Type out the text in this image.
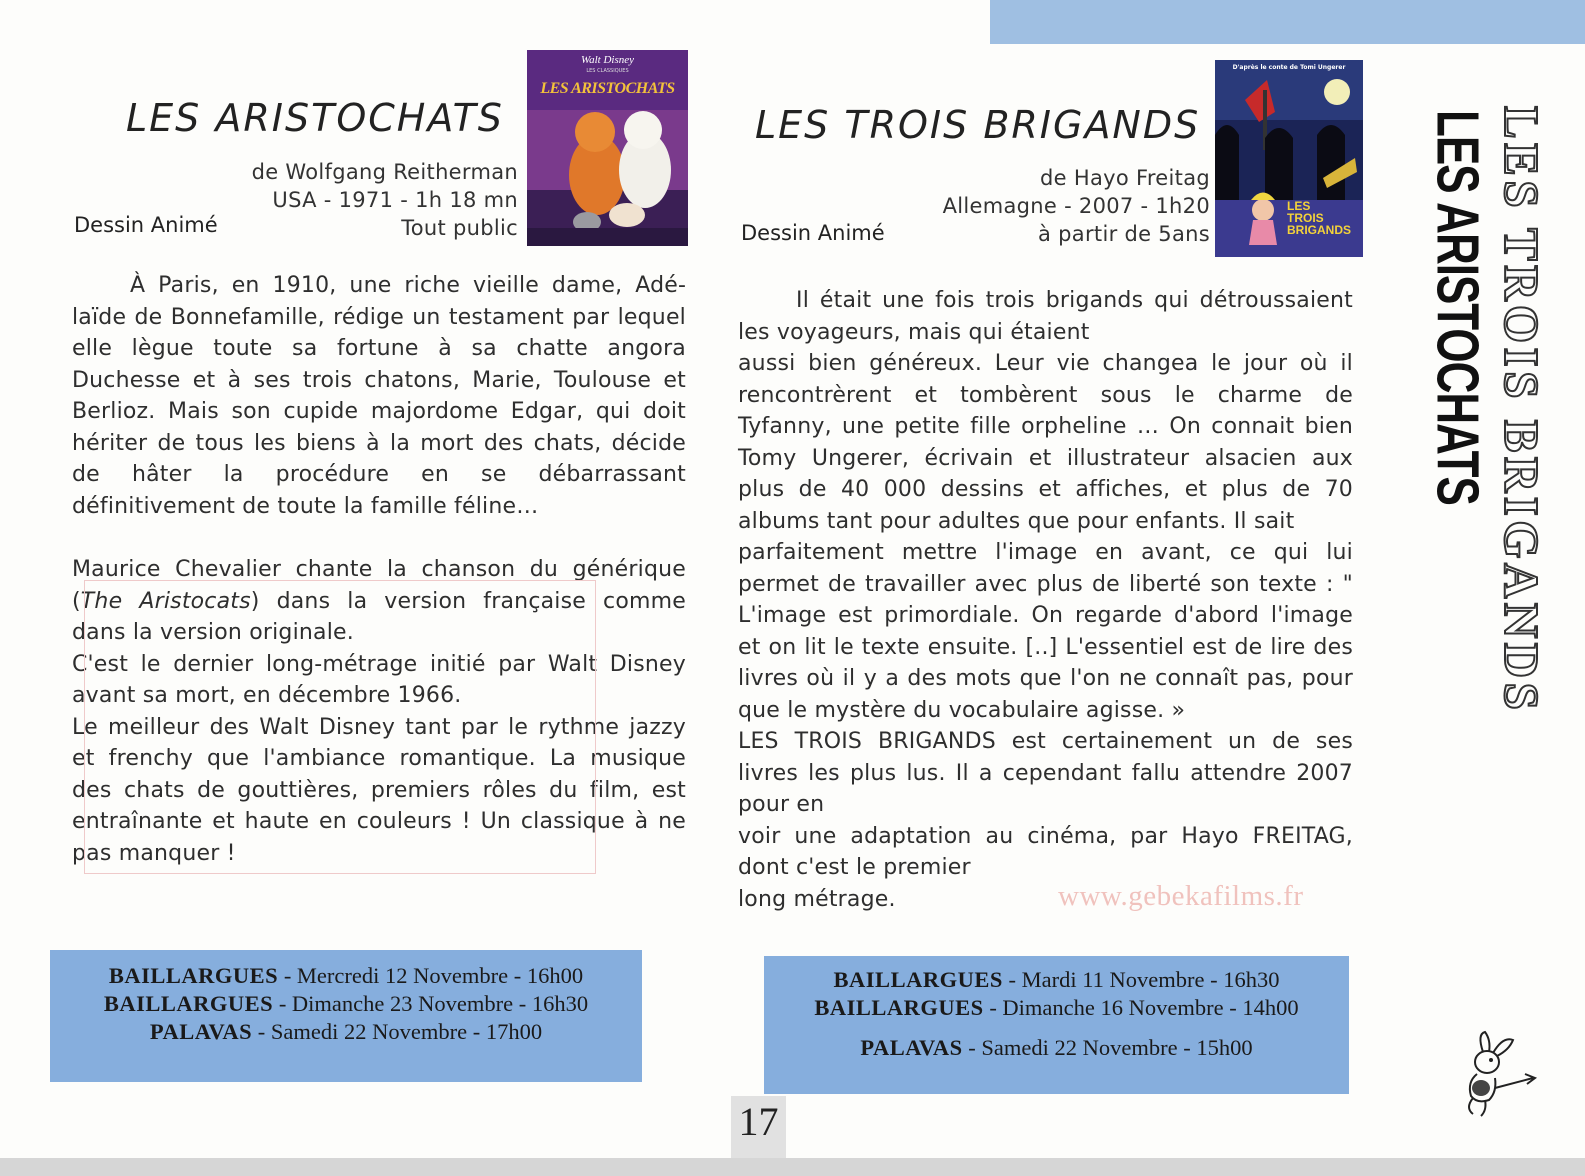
LES ARISTOCHATS
de Wolfgang Reitherman
USA - 1971 - 1h 18 mn
Tout public
Dessin Animé
Walt Disney
LES CLASSIQUES
LES ARISTOCHATS

À Paris, en 1910, une riche vieille dame, Adélaïde de Bonnefamille, rédige un testament par lequel elle lègue toute sa fortune à sa chatte angora Duchesse et à ses trois chatons, Marie, Toulouse et Berlioz. Mais son cupide majordome Edgar, qui doit hériter de tous les biens à la mort des chats, décide de hâter la procédure en se débarrassant définitivement de toute la famille féline…

Maurice Chevalier chante la chanson du générique (The Aristocats) dans la version française comme dans la version originale.

C'est le dernier long-métrage initié par Walt Disney avant sa mort, en décembre 1966.

Le meilleur des Walt Disney tant par le rythme jazzy et frenchy que l'ambiance romantique. La musique des chats de gouttières, premiers rôles du film, est entraînante et haute en couleurs ! Un classique à ne pas manquer !

BAILLARGUES - Mercredi 12 Novembre - 16h00
BAILLARGUES - Dimanche 23 Novembre - 16h30
PALAVAS - Samedi 22 Novembre - 17h00
LES TROIS BRIGANDS
de Hayo Freitag
Allemagne - 2007 - 1h20
à partir de 5ans
Dessin Animé
D'après le conte de Tomi Ungerer
LES
TROIS
BRIGANDS

Il était une fois trois brigands qui détroussaient les voyageurs, mais qui étaient

aussi bien généreux. Leur vie changea le jour où il rencontrèrent et tombèrent sous le charme de Tyfanny, une petite fille orpheline … On connait bien Tomy Ungerer, écrivain et illustrateur alsacien aux plus de 40 000 dessins et affiches, et plus de 70 albums tant pour adultes que pour enfants. Il sait

parfaitement mettre l'image en avant, ce qui lui permet de travailler avec plus de liberté son texte : " L'image est primordiale. On regarde d'abord l'image et on lit le texte ensuite. [..] L'essentiel est de lire des livres où il y a des mots que l'on ne connaît pas, pour que le mystère du vocabulaire agisse. »

LES TROIS BRIGANDS est certainement un de ses livres les plus lus. Il a cependant fallu attendre 2007 pour en

voir une adaptation au cinéma, par Hayo FREITAG, dont c'est le premier

long métrage.	www.gebekafilms.fr
BAILLARGUES - Mardi 11 Novembre - 16h30
BAILLARGUES - Dimanche 16 Novembre - 14h00
PALAVAS - Samedi 22 Novembre - 15h00
17
LES TROIS BRIGANDS
LES ARISTOCHATS
